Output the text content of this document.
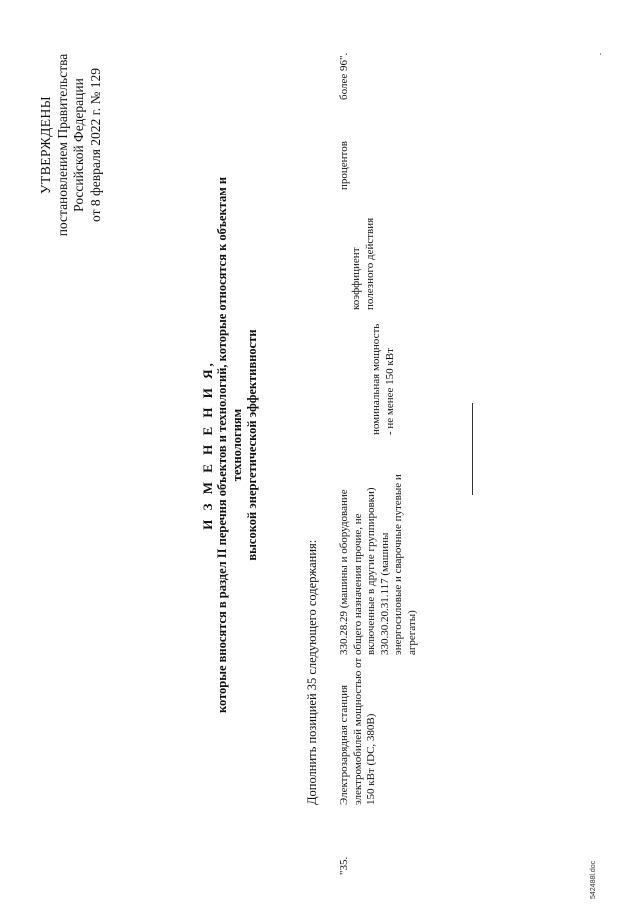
УТВЕРЖДЕНЫ постановлением Правительства Российской Федерации от 8 февраля 2022 г. № 129
И З М Е Н Е Н И Я, которые вносятся в раздел II перечня объектов и технологий, которые относятся к объектам и технологиям высокой энергетической эффективности
Дополнить позицией 35 следующего содержания:
"35.
Электрозарядная станция электромобилей мощностью от 150 кВт (DC, 380В)
330.28.29 (машины и оборудование общего назначения прочие, не включенные в другие группировки) 330.30.20.31.117 (машины энергосиловые и сварочные путевые и агрегаты)
номинальная мощность - не менее 150 кВт
коэффициент полезного действия
процентов
более 96".
542488l.doc
